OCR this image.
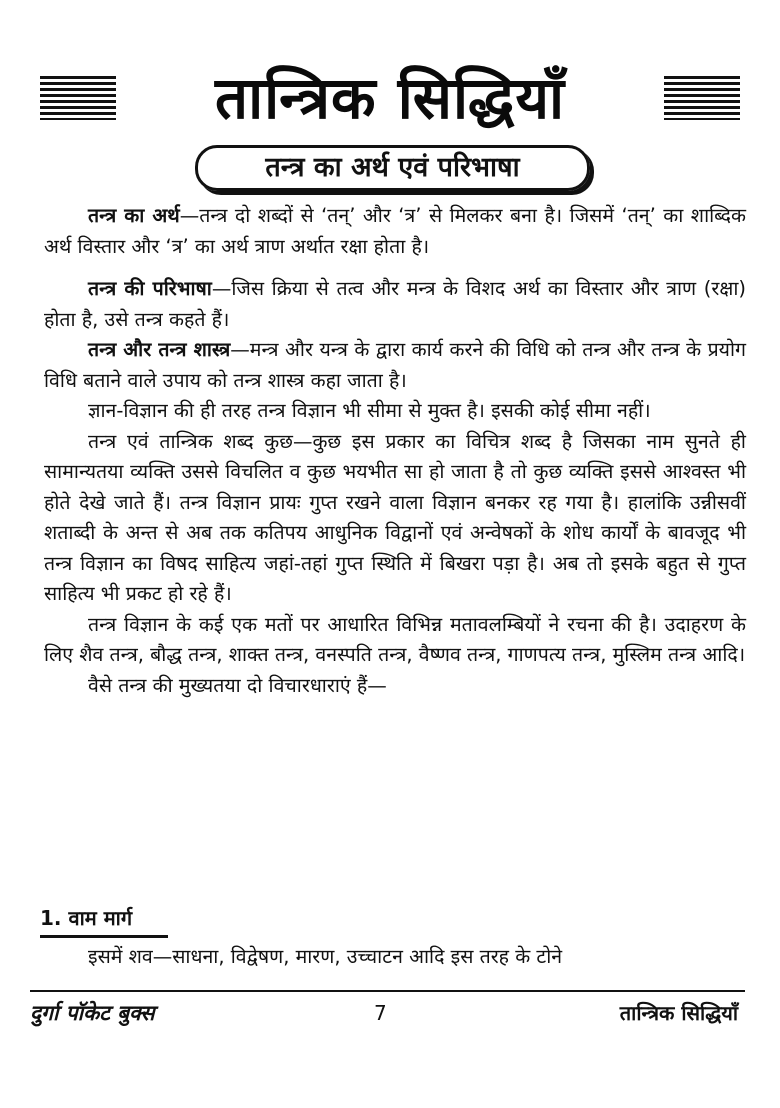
तान्त्रिक सिद्धियाँ
तन्त्र का अर्थ एवं परिभाषा

तन्त्र का अर्थ—तन्त्र दो शब्दों से ‘तन्’ और ‘त्र’ से मिलकर बना है। जिसमें ‘तन्’ का शाब्दिक अर्थ विस्तार और ‘त्र’ का अर्थ त्राण अर्थात रक्षा होता है।

तन्त्र की परिभाषा—जिस क्रिया से तत्व और मन्त्र के विशद अर्थ का विस्तार और त्राण (रक्षा) होता है, उसे तन्त्र कहते हैं।

तन्त्र और तन्त्र शास्त्र—मन्त्र और यन्त्र के द्वारा कार्य करने की विधि को तन्त्र और तन्त्र के प्रयोग विधि बताने वाले उपाय को तन्त्र शास्त्र कहा जाता है।

ज्ञान-विज्ञान की ही तरह तन्त्र विज्ञान भी सीमा से मुक्त है। इसकी कोई सीमा नहीं।

तन्त्र एवं तान्त्रिक शब्द कुछ—कुछ इस प्रकार का विचित्र शब्द है जिसका नाम सुनते ही सामान्यतया व्यक्ति उससे विचलित व कुछ भयभीत सा हो जाता है तो कुछ व्यक्ति इससे आश्वस्त भी होते देखे जाते हैं। तन्त्र विज्ञान प्रायः गुप्त रखने वाला विज्ञान बनकर रह गया है। हालांकि उन्नीसवीं शताब्दी के अन्त से अब तक कतिपय आधुनिक विद्वानों एवं अन्वेषकों के शोध कार्यों के बावजूद भी तन्त्र विज्ञान का विषद साहित्य जहां-तहां गुप्त स्थिति में बिखरा पड़ा है। अब तो इसके बहुत से गुप्त साहित्य भी प्रकट हो रहे हैं।

तन्त्र विज्ञान के कई एक मतों पर आधारित विभिन्न मतावलम्बियों ने रचना की है। उदाहरण के लिए शैव तन्त्र, बौद्ध तन्त्र, शाक्त तन्त्र, वनस्पति तन्त्र, वैष्णव तन्त्र, गाणपत्य तन्त्र, मुस्लिम तन्त्र आदि।

वैसे तन्त्र की मुख्यतया दो विचारधाराएं हैं—

1. वाम मार्ग
इसमें शव—साधना, विद्वेषण, मारण, उच्चाटन आदि इस तरह के टोने
दुर्गा पॉकेट बुक्स	7	तान्त्रिक सिद्धियाँ
